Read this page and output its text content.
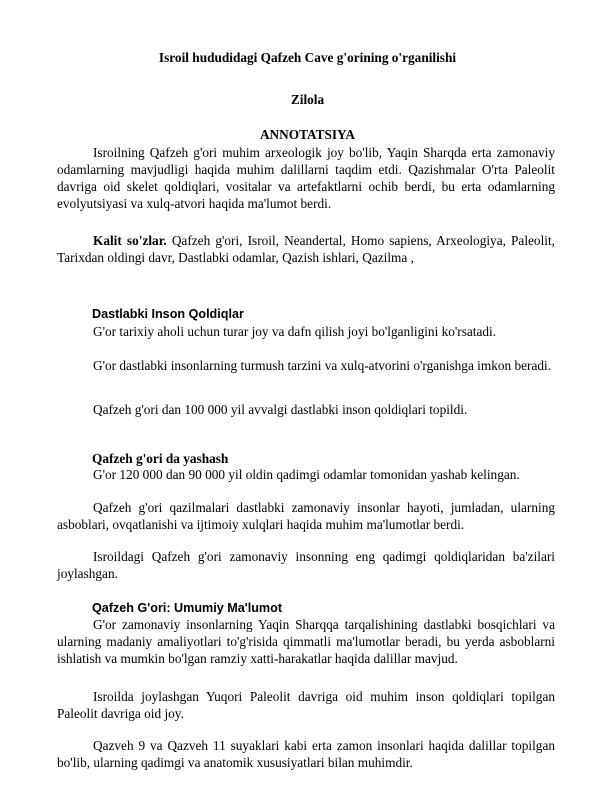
Isroil hududidagi Qafzeh Cave g'orining o'rganilishi
Zilola
ANNOTATSIYA

Isroilning Qafzeh g'ori muhim arxeologik joy bo'lib, Yaqin Sharqda erta zamonaviy odamlarning mavjudligi haqida muhim dalillarni taqdim etdi. Qazishmalar O'rta Paleolit davriga oid skelet qoldiqlari, vositalar va artefaktlarni ochib berdi, bu erta odamlarning evolyutsiyasi va xulq-atvori haqida ma'lumot berdi.

Kalit so'zlar. Qafzeh g'ori, Isroil, Neandertal, Homo sapiens, Arxeologiya, Paleolit, Tarixdan oldingi davr, Dastlabki odamlar, Qazish ishlari, Qazilma ,

Dastlabki Inson Qoldiqlar

G'or tarixiy aholi uchun turar joy va dafn qilish joyi bo'lganligini ko'rsatadi.

G'or dastlabki insonlarning turmush tarzini va xulq-atvorini o'rganishga imkon beradi.

Qafzeh g'ori dan 100 000 yil avvalgi dastlabki inson qoldiqlari topildi.

Qafzeh g'ori da yashash

G'or 120 000 dan 90 000 yil oldin qadimgi odamlar tomonidan yashab kelingan.

Qafzeh g'ori qazilmalari dastlabki zamonaviy insonlar hayoti, jumladan, ularning asboblari, ovqatlanishi va ijtimoiy xulqlari haqida muhim ma'lumotlar berdi.

Isroildagi Qafzeh g'ori zamonaviy insonning eng qadimgi qoldiqlaridan ba'zilari joylashgan.

Qafzeh G'ori: Umumiy Ma'lumot

G'or zamonaviy insonlarning Yaqin Sharqqa tarqalishining dastlabki bosqichlari va ularning madaniy amaliyotlari to'g'risida qimmatli ma'lumotlar beradi, bu yerda asboblarni ishlatish va mumkin bo'lgan ramziy xatti-harakatlar haqida dalillar mavjud.

Isroilda joylashgan Yuqori Paleolit davriga oid muhim inson qoldiqlari topilgan Paleolit davriga oid joy.

Qazveh 9 va Qazveh 11 suyaklari kabi erta zamon insonlari haqida dalillar topilgan bo'lib, ularning qadimgi va anatomik xususiyatlari bilan muhimdir.
